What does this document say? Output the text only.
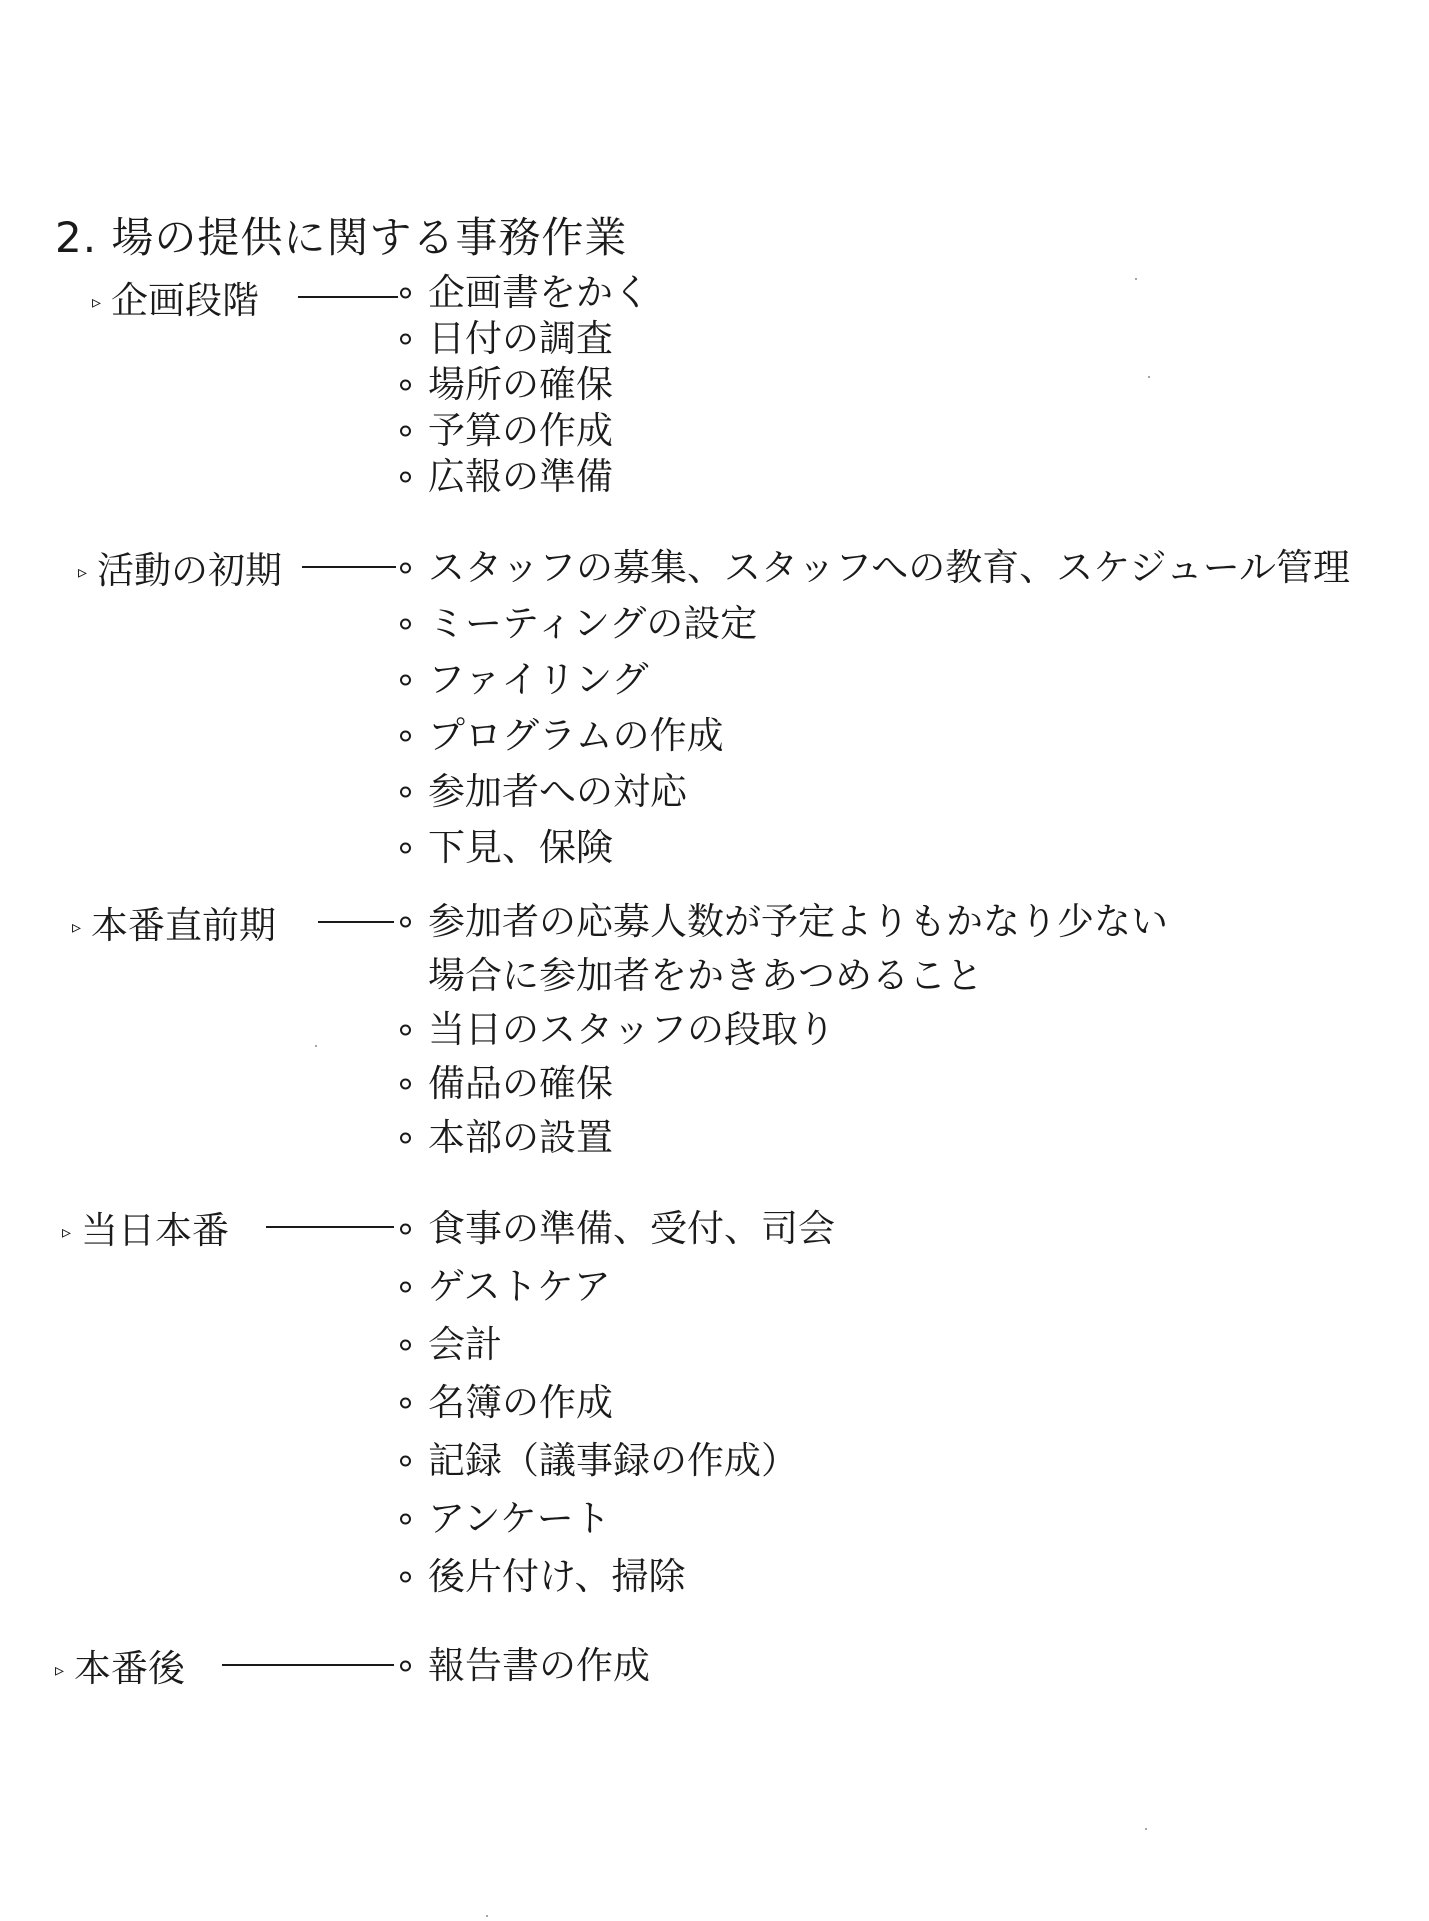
2. 場の提供に関する事務作業
▹ 企画段階	企画書をかく
日付の調査
場所の確保
予算の作成
広報の準備
▹ 活動の初期	スタッフの募集、スタッフへの教育、スケジュール管理
ミーティングの設定
ファイリング
プログラムの作成
参加者への対応
下見、保険
▹ 本番直前期	参加者の応募人数が予定よりもかなり少ない
場合に参加者をかきあつめること
当日のスタッフの段取り
備品の確保
本部の設置
▹ 当日本番	食事の準備、受付、司会
ゲストケア
会計
名簿の作成
記録（議事録の作成）
アンケート
後片付け、掃除
▹ 本番後	報告書の作成
